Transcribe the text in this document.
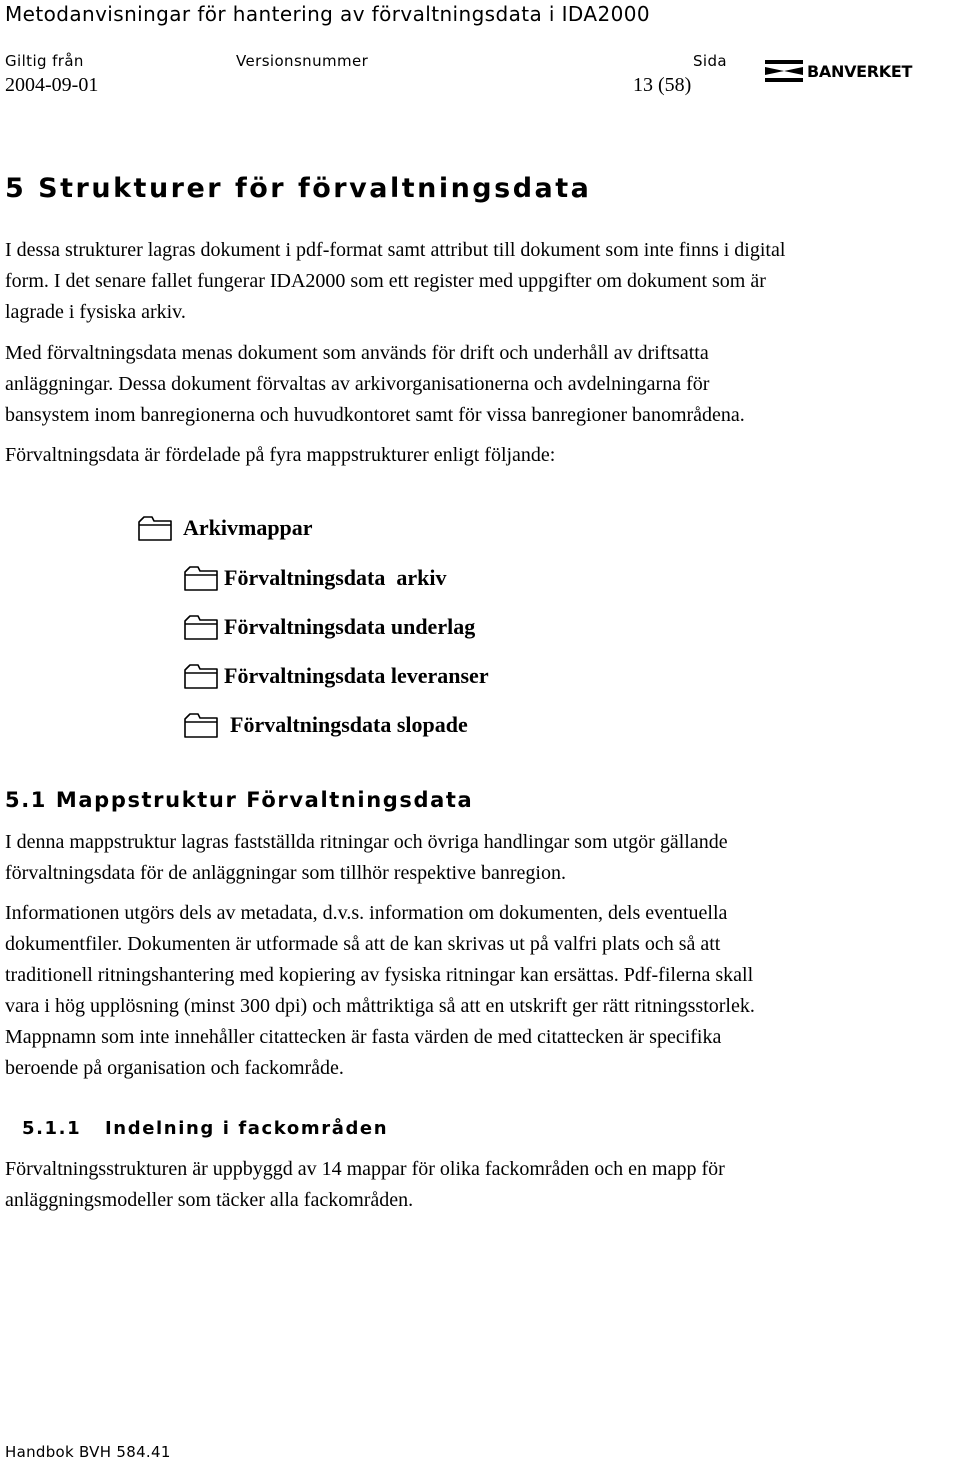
Metodanvisningar för hantering av förvaltningsdata i IDA2000
Giltig från	Versionsnummer	Sida
2004-09-01	13 (58)
BANVERKET
5 Strukturer för förvaltningsdata
I dessa strukturer lagras dokument i pdf-format samt attribut till dokument som inte finns i digital
form. I det senare fallet fungerar IDA2000 som ett register med uppgifter om dokument som är
lagrade i fysiska arkiv.
Med förvaltningsdata menas dokument som används för drift och underhåll av driftsatta
anläggningar. Dessa dokument förvaltas av arkivorganisationerna och avdelningarna för
bansystem inom banregionerna och huvudkontoret samt för vissa banregioner banområdena.
Förvaltningsdata är fördelade på fyra mappstrukturer enligt följande:
Arkivmappar
Förvaltningsdata  arkiv
Förvaltningsdata underlag
Förvaltningsdata leveranser
Förvaltningsdata slopade
5.1 Mappstruktur Förvaltningsdata
I denna mappstruktur lagras fastställda ritningar och övriga handlingar som utgör gällande
förvaltningsdata för de anläggningar som tillhör respektive banregion.
Informationen utgörs dels av metadata, d.v.s. information om dokumenten, dels eventuella
dokumentfiler. Dokumenten är utformade så att de kan skrivas ut på valfri plats och så att
traditionell ritningshantering med kopiering av fysiska ritningar kan ersättas. Pdf-filerna skall
vara i hög upplösning (minst 300 dpi) och måttriktiga så att en utskrift ger rätt ritningsstorlek.
Mappnamn som inte innehåller citattecken är fasta värden de med citattecken är specifika
beroende på organisation och fackområde.
5.1.1 Indelning i fackområden
Förvaltningsstrukturen är uppbyggd av 14 mappar för olika fackområden och en mapp för
anläggningsmodeller som täcker alla fackområden.
Handbok BVH 584.41
